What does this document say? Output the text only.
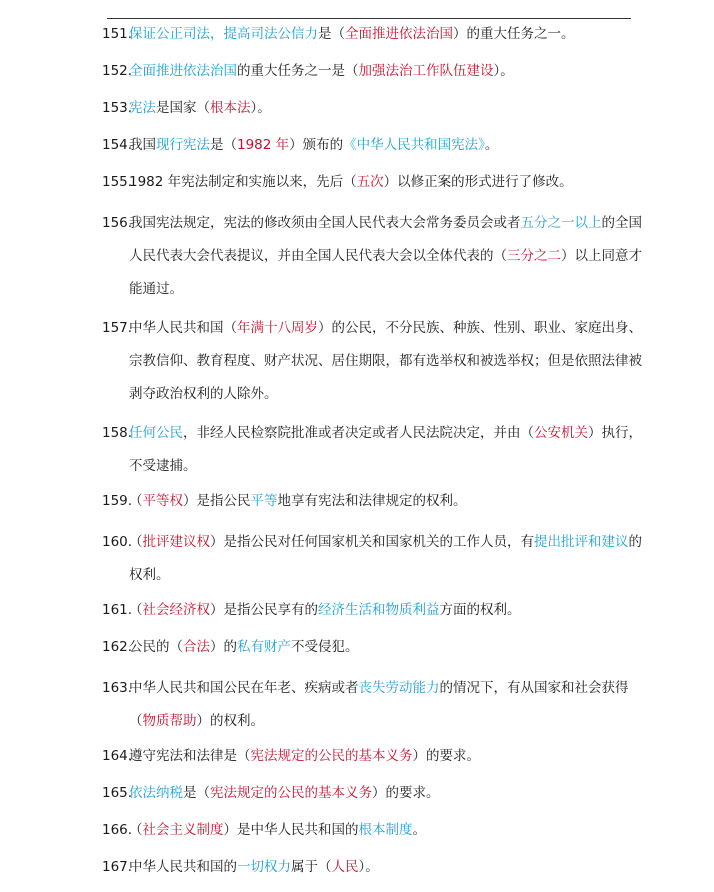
151.
保证公正司法，提高司法公信力是（全面推进依法治国）的重大任务之一。
152.
全面推进依法治国的重大任务之一是（加强法治工作队伍建设）。
153.
宪法是国家（根本法）。
154.
我国现行宪法是（1982 年）颁布的《中华人民共和国宪法》。
155.
1982 年宪法制定和实施以来，先后（五次）以修正案的形式进行了修改。
156.
我国宪法规定，宪法的修改须由全国人民代表大会常务委员会或者五分之一以上的全国人民代表大会代表提议，并由全国人民代表大会以全体代表的（三分之二）以上同意才能通过。
157.
中华人民共和国（年满十八周岁）的公民，不分民族、种族、性别、职业、家庭出身、宗教信仰、教育程度、财产状况、居住期限，都有选举权和被选举权；但是依照法律被剥夺政治权利的人除外。
158.
任何公民，非经人民检察院批准或者决定或者人民法院决定，并由（公安机关）执行，不受逮捕。
159.
（平等权）是指公民平等地享有宪法和法律规定的权利。
160.
（批评建议权）是指公民对任何国家机关和国家机关的工作人员，有提出批评和建议的权利。
161.
（社会经济权）是指公民享有的经济生活和物质利益方面的权利。
162.
公民的（合法）的私有财产不受侵犯。
163.
中华人民共和国公民在年老、疾病或者丧失劳动能力的情况下，有从国家和社会获得（物质帮助）的权利。
164.
遵守宪法和法律是（宪法规定的公民的基本义务）的要求。
165.
依法纳税是（宪法规定的公民的基本义务）的要求。
166.
（社会主义制度）是中华人民共和国的根本制度。
167.
中华人民共和国的一切权力属于（人民）。
